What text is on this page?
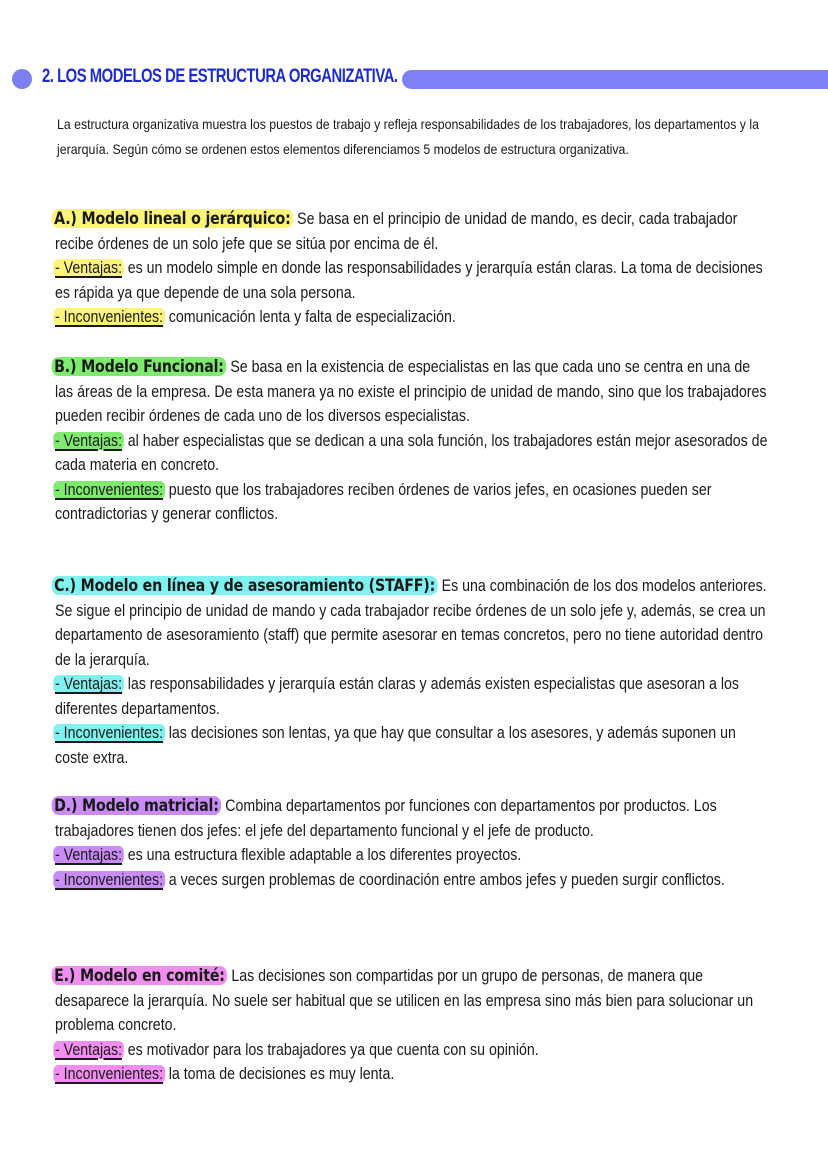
2. LOS MODELOS DE ESTRUCTURA ORGANIZATIVA.

La estructura organizativa muestra los puestos de trabajo y refleja responsabilidades de los trabajadores, los departamentos y la jerarquía. Según cómo se ordenen estos elementos diferenciamos 5 modelos de estructura organizativa.

A.) Modelo lineal o jerárquico: Se basa en el principio de unidad de mando, es decir, cada trabajador recibe órdenes de un solo jefe que se sitúa por encima de él.

- Ventajas: es un modelo simple en donde las responsabilidades y jerarquía están claras. La toma de decisiones es rápida ya que depende de una sola persona.

- Inconvenientes: comunicación lenta y falta de especialización.

B.) Modelo Funcional: Se basa en la existencia de especialistas en las que cada uno se centra en una de las áreas de la empresa. De esta manera ya no existe el principio de unidad de mando, sino que los trabajadores pueden recibir órdenes de cada uno de los diversos especialistas.

- Ventajas: al haber especialistas que se dedican a una sola función, los trabajadores están mejor asesorados de cada materia en concreto.

- Inconvenientes: puesto que los trabajadores reciben órdenes de varios jefes, en ocasiones pueden ser contradictorias y generar conflictos.

C.) Modelo en línea y de asesoramiento (STAFF): Es una combinación de los dos modelos anteriores. Se sigue el principio de unidad de mando y cada trabajador recibe órdenes de un solo jefe y, además, se crea un departamento de asesoramiento (staff) que permite asesorar en temas concretos, pero no tiene autoridad dentro de la jerarquía.

- Ventajas: las responsabilidades y jerarquía están claras y además existen especialistas que asesoran a los diferentes departamentos.

- Inconvenientes: las decisiones son lentas, ya que hay que consultar a los asesores, y además suponen un coste extra.

D.) Modelo matricial: Combina departamentos por funciones con departamentos por productos. Los trabajadores tienen dos jefes: el jefe del departamento funcional y el jefe de producto.

- Ventajas: es una estructura flexible adaptable a los diferentes proyectos.

- Inconvenientes: a veces surgen problemas de coordinación entre ambos jefes y pueden surgir conflictos.

E.) Modelo en comité: Las decisiones son compartidas por un grupo de personas, de manera que desaparece la jerarquía. No suele ser habitual que se utilicen en las empresa sino más bien para solucionar un problema concreto.

- Ventajas: es motivador para los trabajadores ya que cuenta con su opinión.

- Inconvenientes: la toma de decisiones es muy lenta.
